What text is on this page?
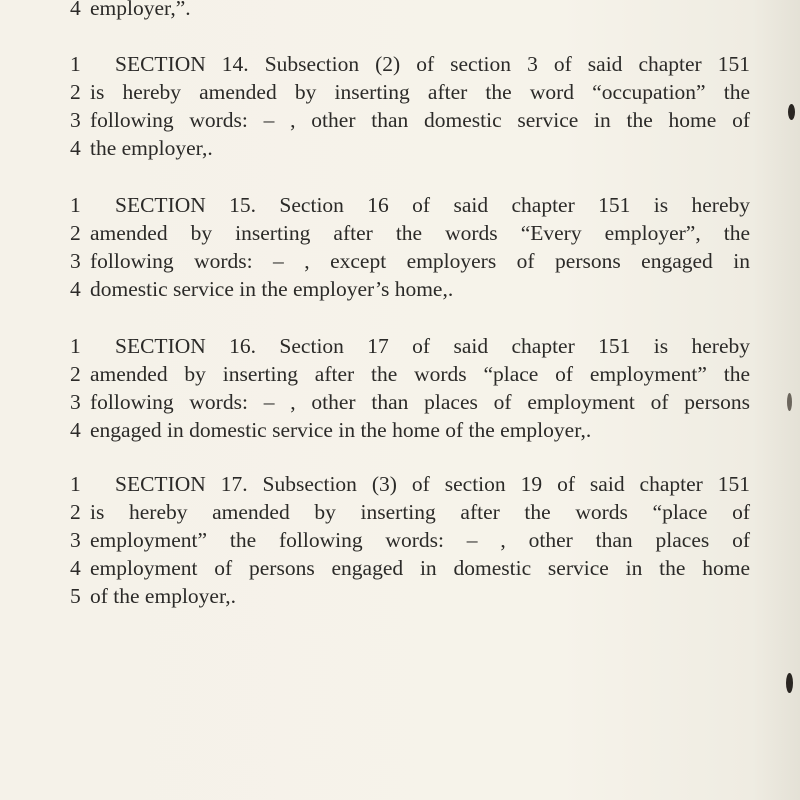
4 employer,”.
1	SECTION 14. Subsection (2) of section 3 of said chapter 151
2 is hereby amended by inserting after the word “occupation” the
3 following words: – , other than domestic service in the home of
4 the employer,.
1	SECTION 15. Section 16 of said chapter 151 is hereby
2 amended by inserting after the words “Every employer”, the
3 following words: – , except employers of persons engaged in
4 domestic service in the employer’s home,.
1	SECTION 16. Section 17 of said chapter 151 is hereby
2 amended by inserting after the words “place of employment” the
3 following words: – , other than places of employment of persons
4 engaged in domestic service in the home of the employer,.
1	SECTION 17. Subsection (3) of section 19 of said chapter 151
2 is hereby amended by inserting after the words “place of
3 employment” the following words: – , other than places of
4 employment of persons engaged in domestic service in the home
5 of the employer,.
